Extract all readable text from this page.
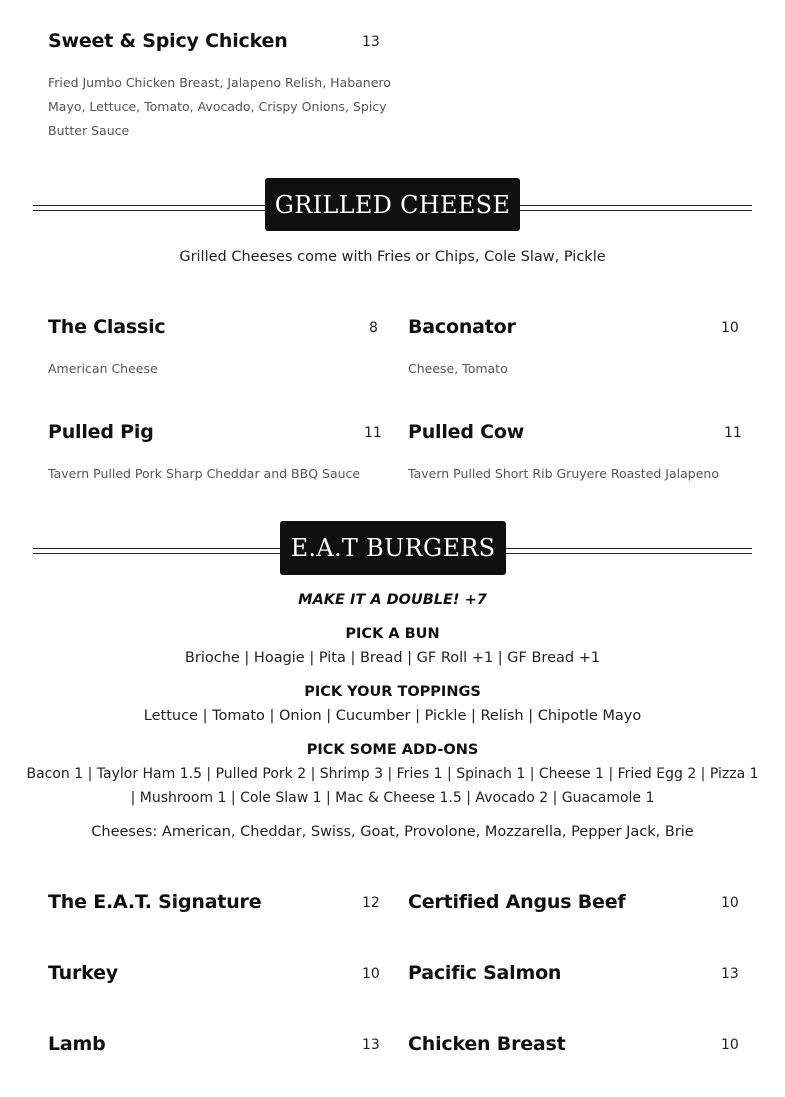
Sweet & Spicy Chicken	13
Fried Jumbo Chicken Breast, Jalapeno Relish, Habanero
Mayo, Lettuce, Tomato, Avocado, Crispy Onions, Spicy
Butter Sauce
GRILLED CHEESE
Grilled Cheeses come with Fries or Chips, Cole Slaw, Pickle
The Classic	8
American Cheese
Baconator	10
Cheese, Tomato
Pulled Pig	11
Tavern Pulled Pork Sharp Cheddar and BBQ Sauce
Pulled Cow	11
Tavern Pulled Short Rib Gruyere Roasted Jalapeno
E.A.T BURGERS
MAKE IT A DOUBLE! +7
PICK A BUN
Brioche | Hoagie | Pita | Bread | GF Roll +1 | GF Bread +1
PICK YOUR TOPPINGS
Lettuce | Tomato | Onion | Cucumber | Pickle | Relish | Chipotle Mayo
PICK SOME ADD-ONS
Bacon 1 | Taylor Ham 1.5 | Pulled Pork 2 | Shrimp 3 | Fries 1 | Spinach 1 | Cheese 1 | Fried Egg 2 | Pizza 1
| Mushroom 1 | Cole Slaw 1 | Mac & Cheese 1.5 | Avocado 2 | Guacamole 1
Cheeses: American, Cheddar, Swiss, Goat, Provolone, Mozzarella, Pepper Jack, Brie
The E.A.T. Signature	12 Certified Angus Beef	10
Turkey	10 Pacific Salmon	13
Lamb	13 Chicken Breast	10
